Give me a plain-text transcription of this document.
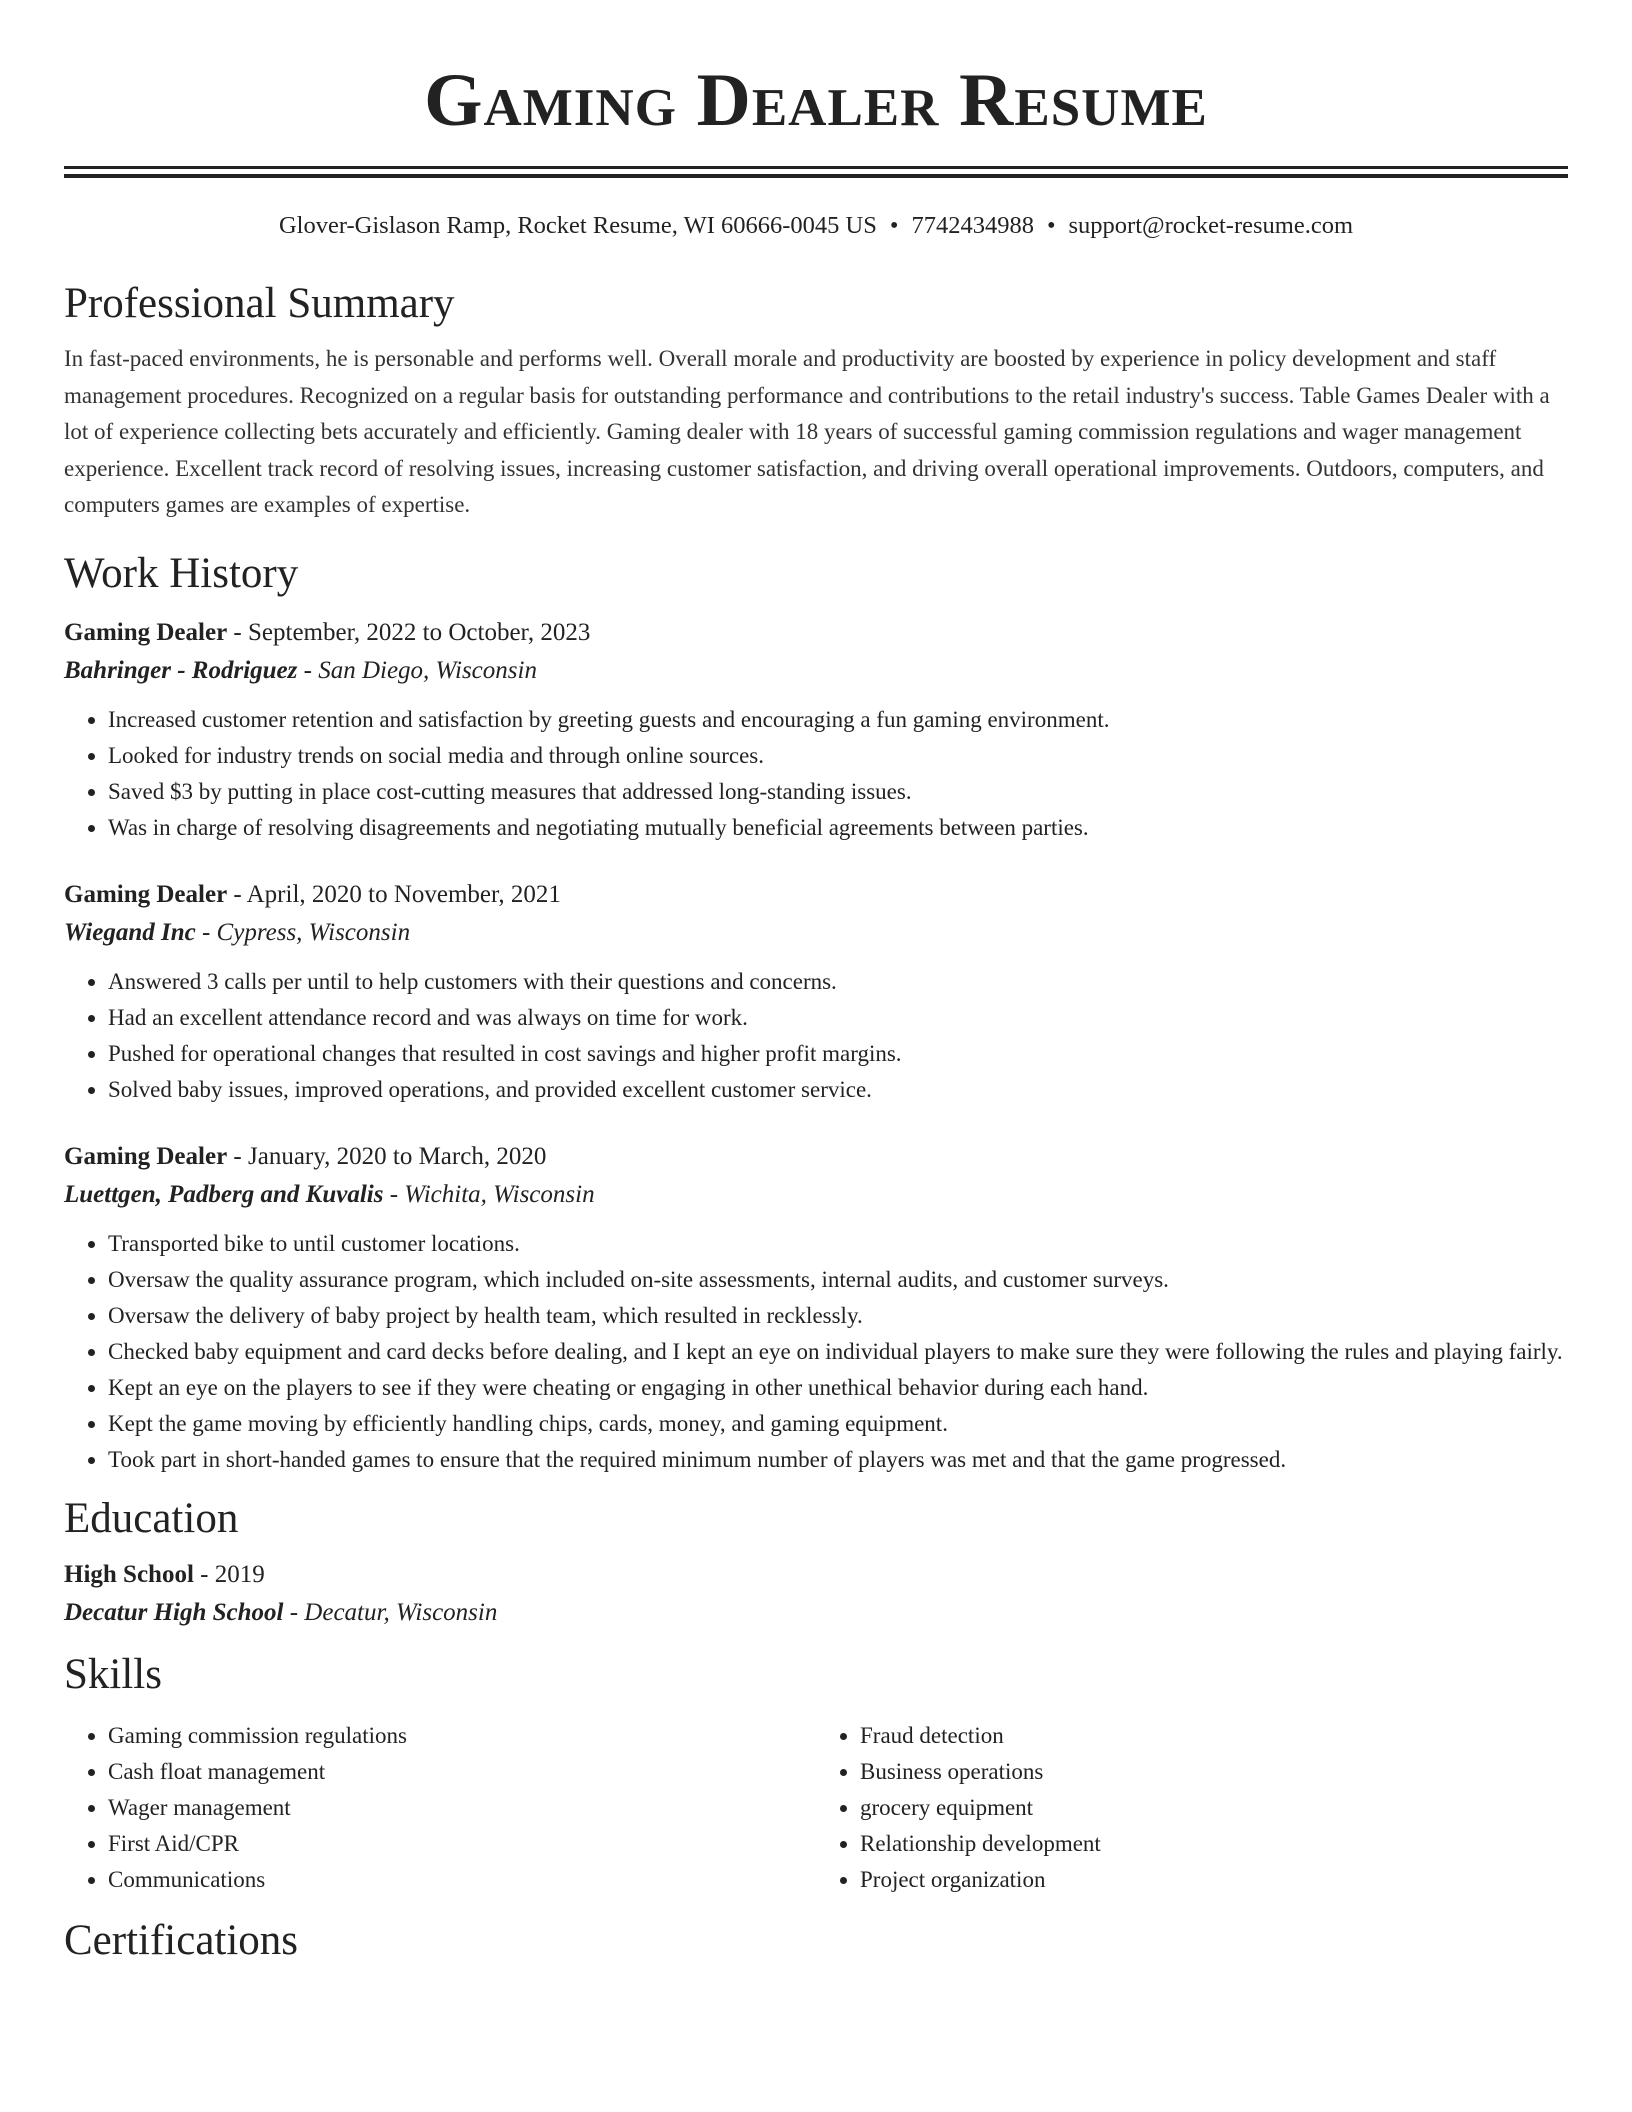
Gaming Dealer Resume
Glover-Gislason Ramp, Rocket Resume, WI 60666-0045 US • 7742434988 • support@rocket-resume.com
Professional Summary

In fast-paced environments, he is personable and performs well. Overall morale and productivity are boosted by experience in policy development and staff management procedures. Recognized on a regular basis for outstanding performance and contributions to the retail industry's success. Table Games Dealer with a lot of experience collecting bets accurately and efficiently. Gaming dealer with 18 years of successful gaming commission regulations and wager management experience. Excellent track record of resolving issues, increasing customer satisfaction, and driving overall operational improvements. Outdoors, computers, and computers games are examples of expertise.

Work History
Gaming Dealer - September, 2022 to October, 2023
Bahringer - Rodriguez - San Diego, Wisconsin
• Increased customer retention and satisfaction by greeting guests and encouraging a fun gaming environment.
• Looked for industry trends on social media and through online sources.
• Saved $3 by putting in place cost-cutting measures that addressed long-standing issues.
• Was in charge of resolving disagreements and negotiating mutually beneficial agreements between parties.
Gaming Dealer - April, 2020 to November, 2021
Wiegand Inc - Cypress, Wisconsin
• Answered 3 calls per until to help customers with their questions and concerns.
• Had an excellent attendance record and was always on time for work.
• Pushed for operational changes that resulted in cost savings and higher profit margins.
• Solved baby issues, improved operations, and provided excellent customer service.
Gaming Dealer - January, 2020 to March, 2020
Luettgen, Padberg and Kuvalis - Wichita, Wisconsin
• Transported bike to until customer locations.
• Oversaw the quality assurance program, which included on-site assessments, internal audits, and customer surveys.
• Oversaw the delivery of baby project by health team, which resulted in recklessly.
• Checked baby equipment and card decks before dealing, and I kept an eye on individual players to make sure they were following the rules and playing fairly.
• Kept an eye on the players to see if they were cheating or engaging in other unethical behavior during each hand.
• Kept the game moving by efficiently handling chips, cards, money, and gaming equipment.
• Took part in short-handed games to ensure that the required minimum number of players was met and that the game progressed.
Education
High School - 2019
Decatur High School - Decatur, Wisconsin
Skills
• Gaming commission regulations
• Cash float management
• Wager management
• First Aid/CPR
• Communications
• Fraud detection
• Business operations
• grocery equipment
• Relationship development
• Project organization
Certifications
